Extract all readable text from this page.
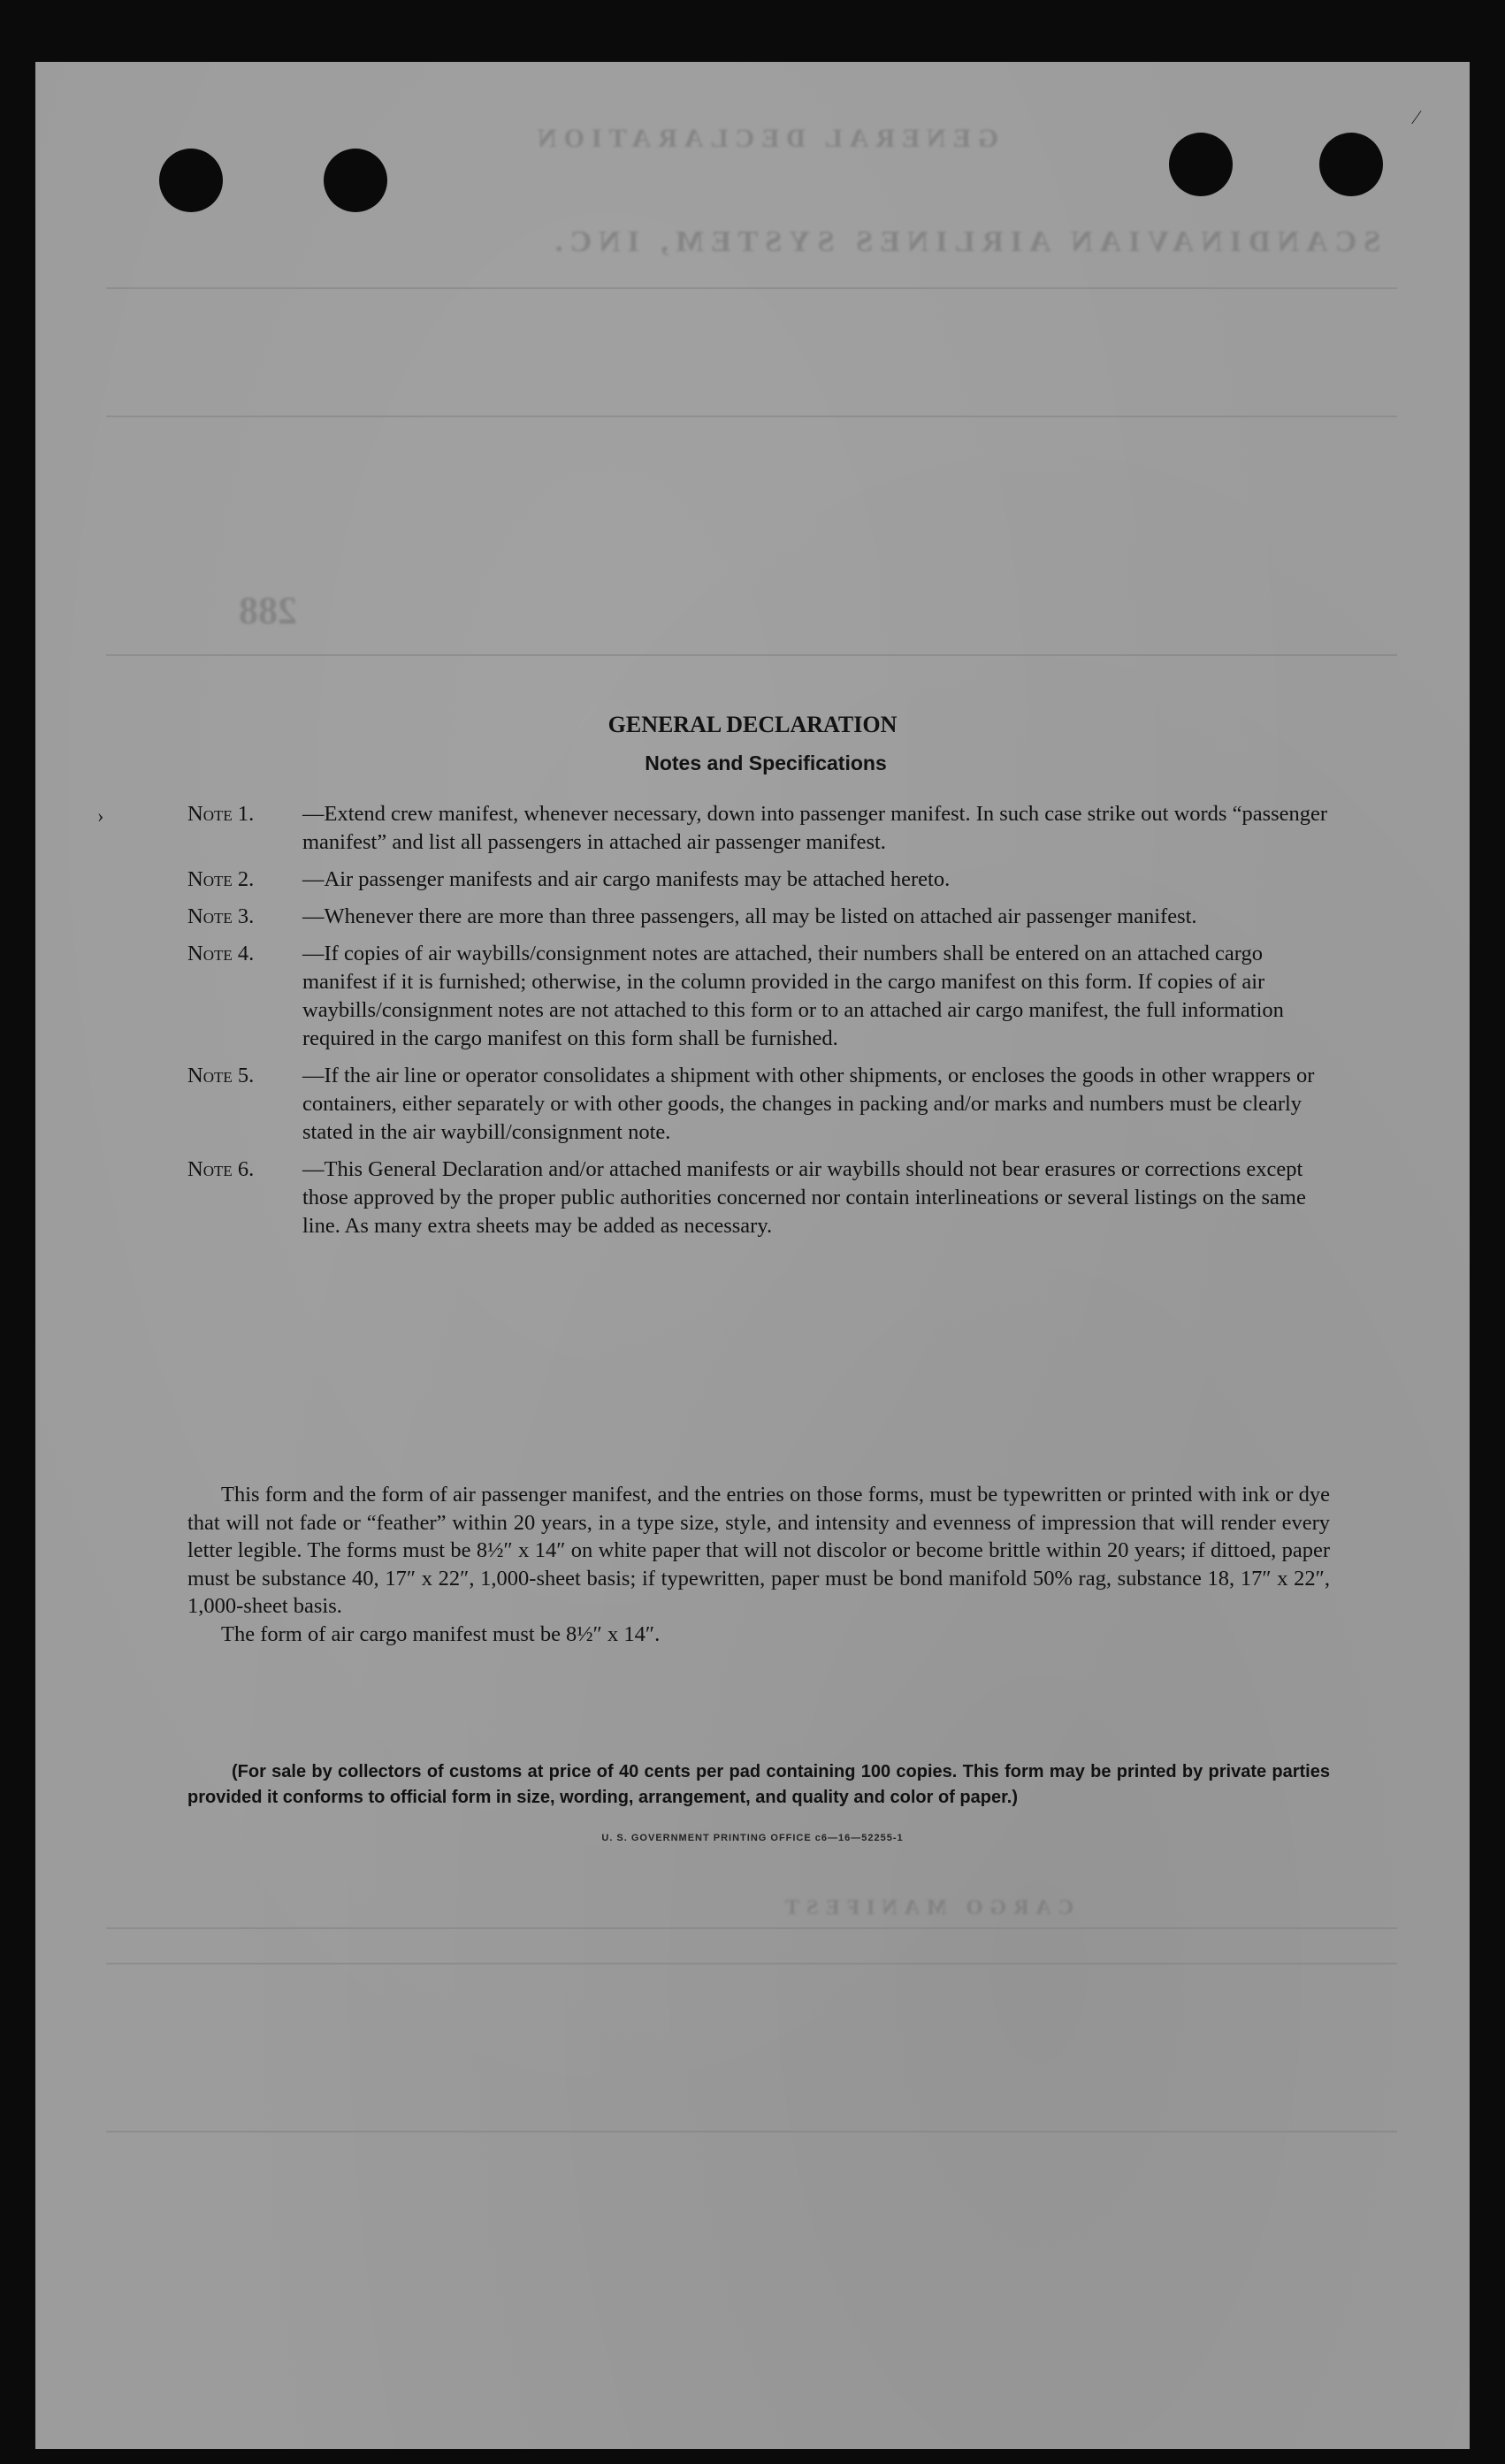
GENERAL DECLARATION
SCANDINAVIAN AIRLINES SYSTEM, INC.
288
CARGO MANIFEST
GENERAL DECLARATION
Notes and Specifications
Note 1.	—Extend crew manifest, whenever necessary, down into passenger manifest. In such case strike out words “passenger manifest” and list all passengers in attached air passenger manifest.
Note 2.	—Air passenger manifests and air cargo manifests may be attached hereto.
Note 3.	—Whenever there are more than three passengers, all may be listed on attached air passenger manifest.
Note 4.	—If copies of air waybills/consignment notes are attached, their numbers shall be entered on an attached cargo manifest if it is furnished; otherwise, in the column provided in the cargo manifest on this form. If copies of air waybills/consignment notes are not attached to this form or to an attached air cargo manifest, the full information required in the cargo manifest on this form shall be furnished.
Note 5.	—If the air line or operator consolidates a shipment with other shipments, or encloses the goods in other wrappers or containers, either separately or with other goods, the changes in packing and/or marks and numbers must be clearly stated in the air waybill/consignment note.
Note 6.	—This General Declaration and/or attached manifests or air waybills should not bear erasures or corrections except those approved by the proper public authorities concerned nor contain interlineations or several listings on the same line. As many extra sheets may be added as necessary.

This form and the form of air passenger manifest, and the entries on those forms, must be typewritten or printed with ink or dye that will not fade or “feather” within 20 years, in a type size, style, and intensity and evenness of impression that will render every letter legible. The forms must be 8½″ x 14″ on white paper that will not discolor or become brittle within 20 years; if dittoed, paper must be substance 40, 17″ x 22″, 1,000-sheet basis; if typewritten, paper must be bond manifold 50% rag, substance 18, 17″ x 22″, 1,000-sheet basis.

The form of air cargo manifest must be 8½″ x 14″.

(For sale by collectors of customs at price of 40 cents per pad containing 100 copies. This form may be printed by private parties provided it conforms to official form in size, wording, arrangement, and quality and color of paper.)

U. S. GOVERNMENT PRINTING OFFICE c6—16—52255-1
›
⁄
